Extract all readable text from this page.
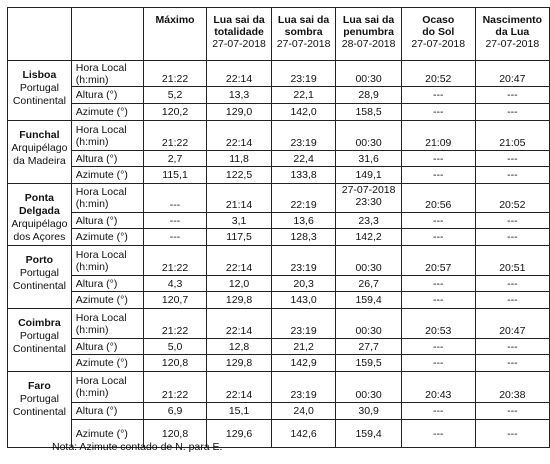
		Máximo	Lua sai da
totalidade
27-07-2018	Lua sai da
sombra
27-07-2018	Lua sai da
penumbra
28-07-2018	Ocaso
do Sol
27-07-2018	Nascimento
da Lua
27-07-2018

Lisboa
Portugal
Continental	Hora Local
(h:min)	21:22	22:14	23:19	00:30	20:52	20:47

	Altura (°)	5,2	13,3	22,1	28,9	---	---

	Azimute (°)	120,2	129,0	142,0	158,5	---	---

Funchal
Arquipélago
da Madeira	Hora Local
(h:min)	21:22	22:14	23:19	00:30	21:09	21:05

	Altura (°)	2,7	11,8	22,4	31,6	---	---

	Azimute (°)	115,1	122,5	133,8	149,1	---	---

Ponta
Delgada
Arquipélago
dos Açores	Hora Local
(h:min)	---	21:14	22:19	27-07-2018
23:30	20:56	20:52

	Altura (°)	---	3,1	13,6	23,3	---	---

	Azimute (°)	---	117,5	128,3	142,2	---	---

Porto
Portugal
Continental	Hora Local
(h:min)	21:22	22:14	23:19	00:30	20:57	20:51

	Altura (°)	4,3	12,0	20,3	26,7	---	---

	Azimute (°)	120,7	129,8	143,0	159,4	---	---

Coimbra
Portugal
Continental	Hora Local
(h:min)	21:22	22:14	23:19	00:30	20:53	20:47

	Altura (°)	5,0	12,8	21,2	27,7	---	---

	Azimute (°)	120,8	129,8	142,9	159,5	---	---

Faro
Portugal
Continental	Hora Local
(h:min)	21:22	22:14	23:19	00:30	20:43	20:38

	Altura (°)	6,9	15,1	24,0	30,9	---	---

	Azimute (°)	120,8	129,6	142,6	159,4	---	---
Nota: Azimute contado de N. para E.
